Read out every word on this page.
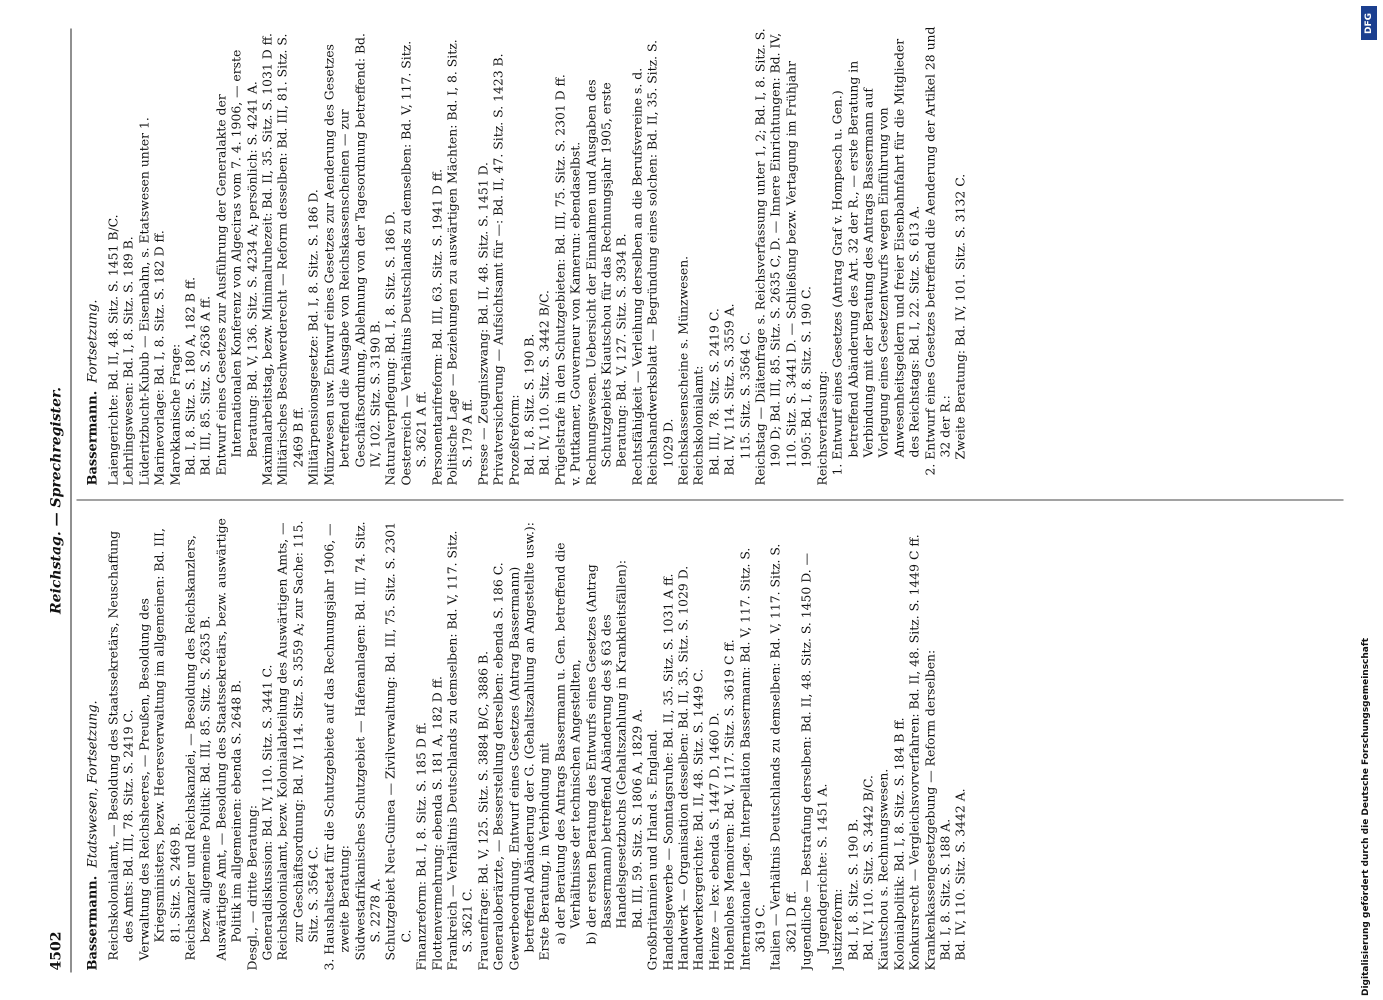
4502
Reichstag. — Sprechregister.
Bassermann.Etatswesen, Fortsetzung. Reichskolonialamt, — Besoldung des Staatssekretärs, Neuschaffung des Amts: Bd. III, 78. Sitz. S. 2419 C. Verwaltung des Reichsheeres, — Preußen, Besoldung des Kriegsministers, bezw. Heeresverwaltung im allgemeinen: Bd. III, 81. Sitz. S. 2469 B. Reichskanzler und Reichskanzlei, — Besoldung des Reichskanzlers, bezw. allgemeine Politik: Bd. III, 85. Sitz. S. 2635 B. Auswärtiges Amt, — Besoldung des Staatssekretärs, bezw. auswärtige Politik im allgemeinen: ebenda S. 2648 B. Desgl., — dritte Beratung: Generaldiskussion: Bd. IV, 110. Sitz. S. 3441 C. Reichskolonialamt, bezw. Kolonialabteilung des Auswärtigen Amts, — zur Geschäftsordnung: Bd. IV, 114. Sitz. S. 3559 A; zur Sache: 115. Sitz. S. 3564 C. 3. Haushaltsetat für die Schutzgebiete auf das Rechnungsjahr 1906, — zweite Beratung: Südwestafrikanisches Schutzgebiet — Hafenanlagen: Bd. III, 74. Sitz. S. 2278 A. Schutzgebiet Neu-Guinea — Zivilverwaltung: Bd. III, 75. Sitz. S. 2301 C. Finanzreform: Bd. I, 8. Sitz. S. 185 D ff. Flottenvermehrung: ebenda S. 181 A, 182 D ff. Frankreich — Verhältnis Deutschlands zu demselben: Bd. V, 117. Sitz. S. 3621 C. Frauenfrage: Bd. V, 125. Sitz. S. 3884 B/C, 3886 B. Generaloberärzte, — Besserstellung derselben: ebenda S. 186 C. Gewerbeordnung. Entwurf eines Gesetzes (Antrag Bassermann) betreffend Abänderung der G. (Gehaltszahlung an Angestellte usw.): Erste Beratung, in Verbindung mit a) der Beratung des Antrags Bassermann u. Gen. betreffend die Verhältnisse der technischen Angestellten, b) der ersten Beratung des Entwurfs eines Gesetzes (Antrag Bassermann) betreffend Abänderung des § 63 des Handelsgesetzbuchs (Gehaltszahlung in Krankheitsfällen): Bd. III, 59. Sitz. S. 1806 A, 1829 A. Großbritannien und Irland s. England. Handelsgewerbe — Sonntagsruhe: Bd. II, 35. Sitz. S. 1031 A ff. Handwerk — Organisation desselben: Bd. II, 35. Sitz. S. 1029 D. Handwerkergerichte: Bd. II, 48. Sitz. S. 1449 C. Heinze — lex: ebenda S. 1447 D, 1460 D. Hohenlohes Memoiren: Bd. V, 117. Sitz. S. 3619 C ff. Internationale Lage. Interpellation Bassermann: Bd. V, 117. Sitz. S. 3619 C. Italien — Verhältnis Deutschlands zu demselben: Bd. V, 117. Sitz. S. 3621 D ff. Jugendliche — Bestrafung derselben: Bd. II, 48. Sitz. S. 1450 D. — Jugendgerichte: S. 1451 A. Justizreform: Bd. I, 8. Sitz. S. 190 B. Bd. IV, 110. Sitz. S. 3442 B/C. Kiautschou s. Rechnungswesen. Kolonialpolitik: Bd. I, 8. Sitz. S. 184 B ff. Konkursrecht — Vergleichsvorverfahren: Bd. II, 48. Sitz. S. 1449 C ff. Krankenkassengesetzgebung — Reform derselben: Bd. I, 8. Sitz. S. 188 A. Bd. IV, 110. Sitz. S. 3442 A.

Bassermann.Fortsetzung. Laiengerichte: Bd. II, 48. Sitz. S. 1451 B/C. Lehrlingswesen: Bd. I, 8. Sitz. S. 189 B. Lüderitzbucht-Kubub — Eisenbahn, s. Etatswesen unter 1. Marinevorlage: Bd. I, 8. Sitz. S. 182 D ff. Marokkanische Frage: Bd. I, 8. Sitz. S. 180 A, 182 B ff. Bd. III, 85. Sitz. S. 2636 A ff. Entwurf eines Gesetzes zur Ausführung der Generalakte der Internationalen Konferenz von Algeciras vom 7. 4. 1906, — erste Beratung: Bd. V, 136. Sitz. S. 4234 A; persönlich: S. 4241 A. Maximalarbeitstag, bezw. Minimalruhezeit: Bd. II, 35. Sitz. S. 1031 D ff. Militärisches Beschwerderecht — Reform desselben: Bd. III, 81. Sitz. S. 2469 B ff. Militärpensionsgesetze: Bd. I, 8. Sitz. S. 186 D. Münzwesen usw. Entwurf eines Gesetzes zur Aenderung des Gesetzes betreffend die Ausgabe von Reichskassenscheinen — zur Geschäftsordnung, Ablehnung von der Tagesordnung betreffend: Bd. IV, 102. Sitz. S. 3190 B. Naturalverpflegung: Bd. I, 8. Sitz. S. 186 D. Oesterreich — Verhältnis Deutschlands zu demselben: Bd. V, 117. Sitz. S. 3621 A ff. Personentarifreform: Bd. III, 63. Sitz. S. 1941 D ff. Politische Lage — Beziehungen zu auswärtigen Mächten: Bd. I, 8. Sitz. S. 179 A ff. Presse — Zeugniszwang: Bd. II, 48. Sitz. S. 1451 D. Privatversicherung — Aufsichtsamt für —: Bd. II, 47. Sitz. S. 1423 B. Prozeßreform: Bd. I, 8. Sitz. S. 190 B. Bd. IV, 110. Sitz. S. 3442 B/C. Prügelstrafe in den Schutzgebieten: Bd. III, 75. Sitz. S. 2301 D ff. v. Puttkamer, Gouverneur von Kamerun: ebendaselbst. Rechnungswesen. Uebersicht der Einnahmen und Ausgaben des Schutzgebiets Kiautschou für das Rechnungsjahr 1905, erste Beratung: Bd. V, 127. Sitz. S. 3934 B. Rechtsfähigkeit — Verleihung derselben an die Berufsvereine s. d. Reichshandwerksblatt — Begründung eines solchen: Bd. II, 35. Sitz. S. 1029 D. Reichskassenscheine s. Münzwesen. Reichskolonialamt: Bd. III, 78. Sitz. S. 2419 C. Bd. IV, 114. Sitz. S. 3559 A. 115. Sitz. S. 3564 C. Reichstag — Diätenfrage s. Reichsverfassung unter 1, 2; Bd. I, 8. Sitz. S. 190 D; Bd. III, 85. Sitz. S. 2635 C, D. — Innere Einrichtungen: Bd. IV, 110. Sitz. S. 3441 D. — Schließung bezw. Vertagung im Frühjahr 1905: Bd. I, 8. Sitz. S. 190 C. Reichsverfassung: 1. Entwurf eines Gesetzes (Antrag Graf v. Hompesch u. Gen.) betreffend Abänderung des Art. 32 der R., — erste Beratung in Verbindung mit der Beratung des Antrags Bassermann auf Vorlegung eines Gesetzentwurfs wegen Einführung von Anwesenheitsgeldern und freier Eisenbahnfahrt für die Mitglieder des Reichstags: Bd. I, 22. Sitz. S. 613 A. 2. Entwurf eines Gesetzes betreffend die Aenderung der Artikel 28 und 32 der R.: Zweite Beratung: Bd. IV, 101. Sitz. S. 3132 C.

DFG
Digitalisierung gefördert durch die Deutsche Forschungsgemeinschaft
